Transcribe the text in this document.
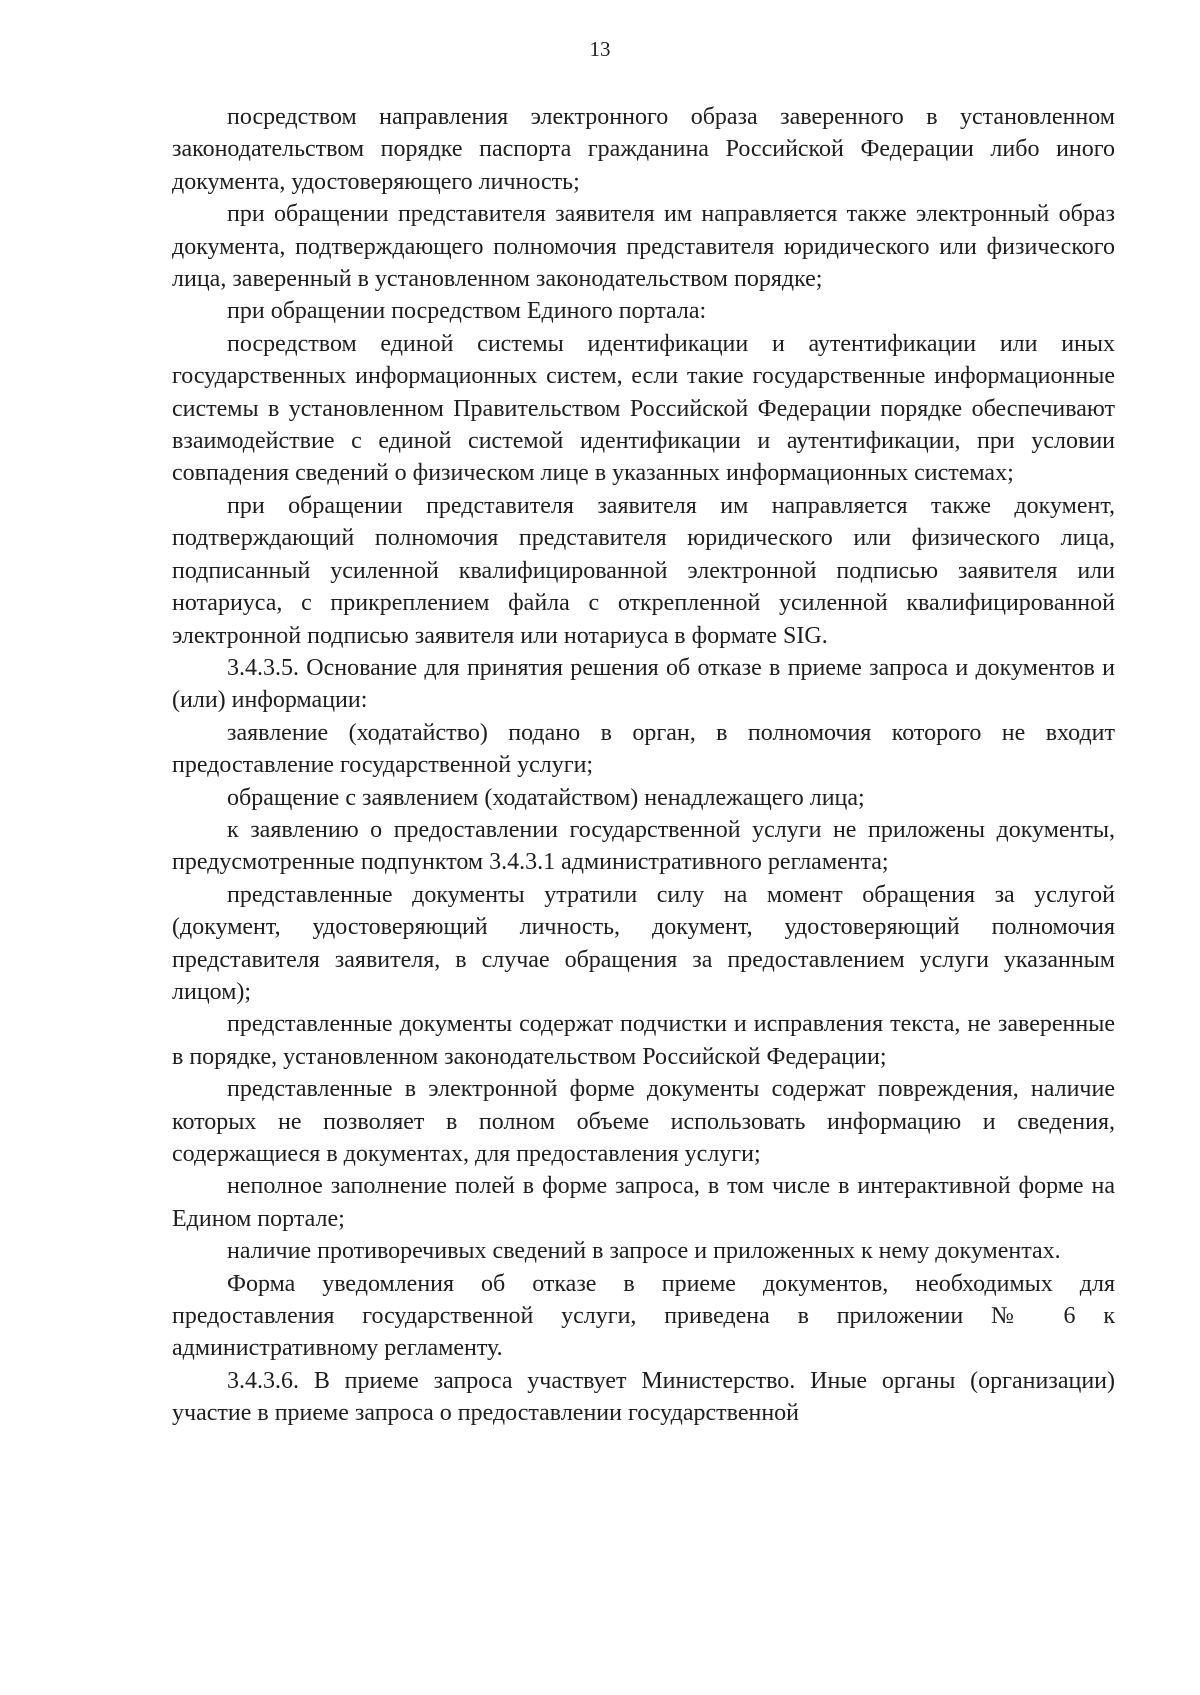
13

посредством направления электронного образа заверенного в установленном законодательством порядке паспорта гражданина Российской Федерации либо иного документа, удостоверяющего личность;

при обращении представителя заявителя им направляется также электронный образ документа, подтверждающего полномочия представителя юридического или физического лица, заверенный в установленном законодательством порядке;

при обращении посредством Единого портала:

посредством единой системы идентификации и аутентификации или иных государственных информационных систем, если такие государственные информационные системы в установленном Правительством Российской Федерации порядке обеспечивают взаимодействие с единой системой идентификации и аутентификации, при условии совпадения сведений о физическом лице в указанных информационных системах;

при обращении представителя заявителя им направляется также документ, подтверждающий полномочия представителя юридического или физического лица, подписанный усиленной квалифицированной электронной подписью заявителя или нотариуса, с прикреплением файла с открепленной усиленной квалифицированной электронной подписью заявителя или нотариуса в формате SIG.

3.4.3.5. Основание для принятия решения об отказе в приеме запроса и документов и (или) информации:

заявление (ходатайство) подано в орган, в полномочия которого не входит предоставление государственной услуги;

обращение с заявлением (ходатайством) ненадлежащего лица;

к заявлению о предоставлении государственной услуги не приложены документы, предусмотренные подпунктом 3.4.3.1 административного регламента;

представленные документы утратили силу на момент обращения за услугой (документ, удостоверяющий личность, документ, удостоверяющий полномочия представителя заявителя, в случае обращения за предоставлением услуги указанным лицом);

представленные документы содержат подчистки и исправления текста, не заверенные в порядке, установленном законодательством Российской Федерации;

представленные в электронной форме документы содержат повреждения, наличие которых не позволяет в полном объеме использовать информацию и сведения, содержащиеся в документах, для предоставления услуги;

неполное заполнение полей в форме запроса, в том числе в интерактивной форме на Едином портале;

наличие противоречивых сведений в запросе и приложенных к нему документах.

Форма уведомления об отказе в приеме документов, необходимых для предоставления государственной услуги, приведена в приложении № 6 к административному регламенту.

3.4.3.6. В приеме запроса участвует Министерство. Иные органы (организации) участие в приеме запроса о предоставлении государственной
